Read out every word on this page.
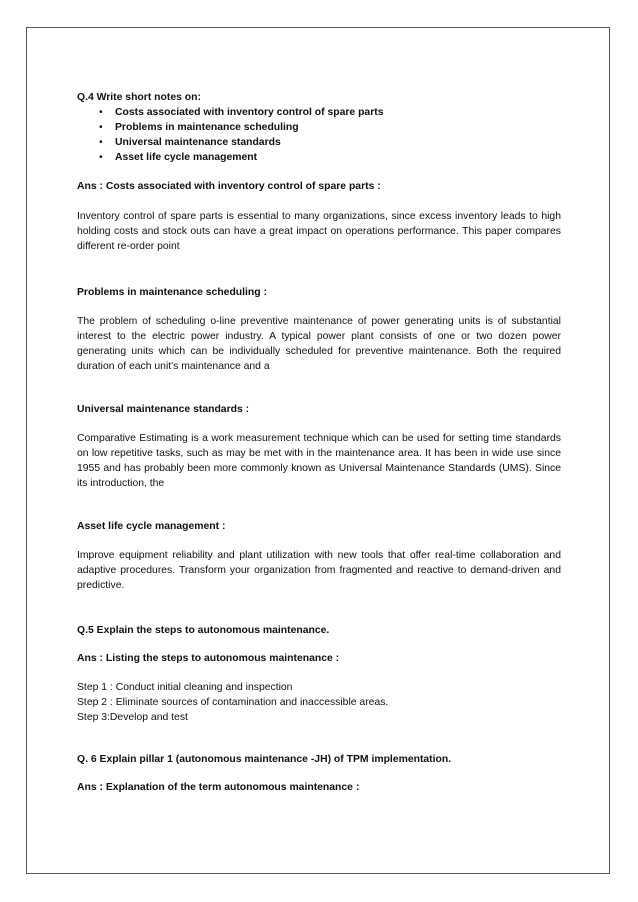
Q.4 Write short notes on:

• Costs associated with inventory control of spare parts
• Problems in maintenance scheduling
• Universal maintenance standards
• Asset life cycle management

Ans : Costs associated with inventory control of spare parts :

Inventory control of spare parts is essential to many organizations, since excess inventory leads to high holding costs and stock outs can have a great impact on operations performance. This paper compares different re-order point

Problems in maintenance scheduling :

The problem of scheduling o-line preventive maintenance of power generating units is of substantial interest to the electric power industry. A typical power plant consists of one or two dozen power generating units which can be individually scheduled for preventive maintenance. Both the required duration of each unit's maintenance and a

Universal maintenance standards :

Comparative Estimating is a work measurement technique which can be used for setting time standards on low repetitive tasks, such as may be met with in the maintenance area. It has been in wide use since 1955 and has probably been more commonly known as Universal Maintenance Standards (UMS). Since its introduction, the

Asset life cycle management :

Improve equipment reliability and plant utilization with new tools that offer real-time collaboration and adaptive procedures. Transform your organization from fragmented and reactive to demand-driven and predictive.

Q.5 Explain the steps to autonomous maintenance.

Ans : Listing the steps to autonomous maintenance :

Step 1 : Conduct initial cleaning and inspection

Step 2 : Eliminate sources of contamination and inaccessible areas.

Step 3:Develop and test

Q. 6 Explain pillar 1 (autonomous maintenance -JH) of TPM implementation.

Ans : Explanation of the term autonomous maintenance :
